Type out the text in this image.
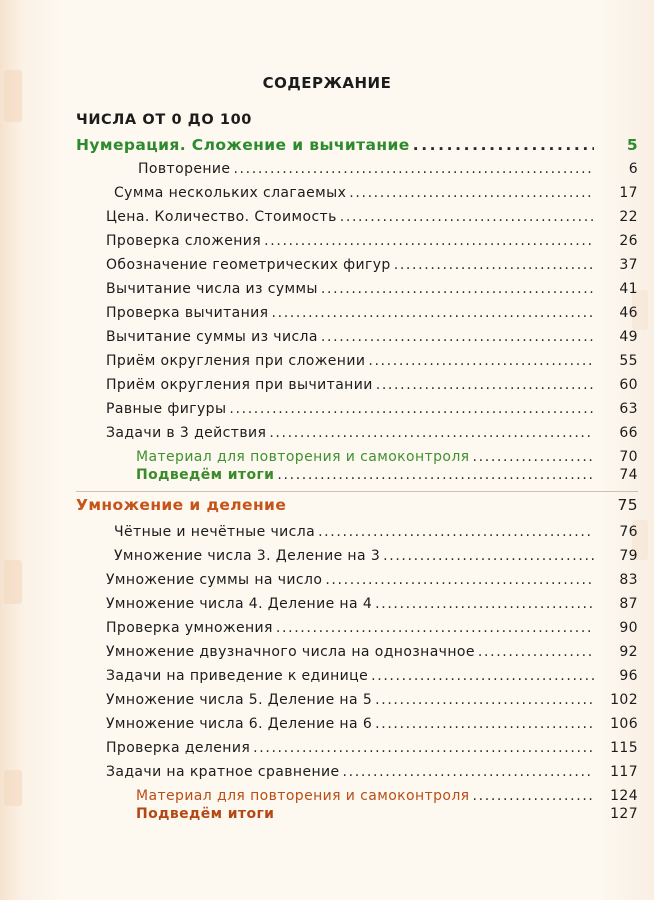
СОДЕРЖАНИЕ
ЧИСЛА ОТ 0 ДО 100
Нумерация. Сложение и вычитание . . .	5
Повторение . . .	6
Сумма нескольких слагаемых . . .	17
Цена. Количество. Стоимость . . .	22
Проверка сложения . . .	26
Обозначение геометрических фигур . . .	37
Вычитание числа из суммы . . .	41
Проверка вычитания . . .	46
Вычитание суммы из числа . . .	49
Приём округления при сложении . . .	55
Приём округления при вычитании . . .	60
Равные фигуры . . .	63
Задачи в 3 действия . . .	66
Материал для повторения и самоконтроля . . .	70
Подведём итоги . . .	74
Умножение и деление	75
Чётные и нечётные числа . . .	76
Умножение числа 3. Деление на 3 . . .	79
Умножение суммы на число . . .	83
Умножение числа 4. Деление на 4 . . .	87
Проверка умножения . . .	90
Умножение двузначного числа на однозначное . . .	92
Задачи на приведение к единице . . .	96
Умножение числа 5. Деление на 5 . . .	102
Умножение числа 6. Деление на 6 . . .	106
Проверка деления . . .	115
Задачи на кратное сравнение . . .	117
Материал для повторения и самоконтроля . . .	124
Подведём итоги	127
